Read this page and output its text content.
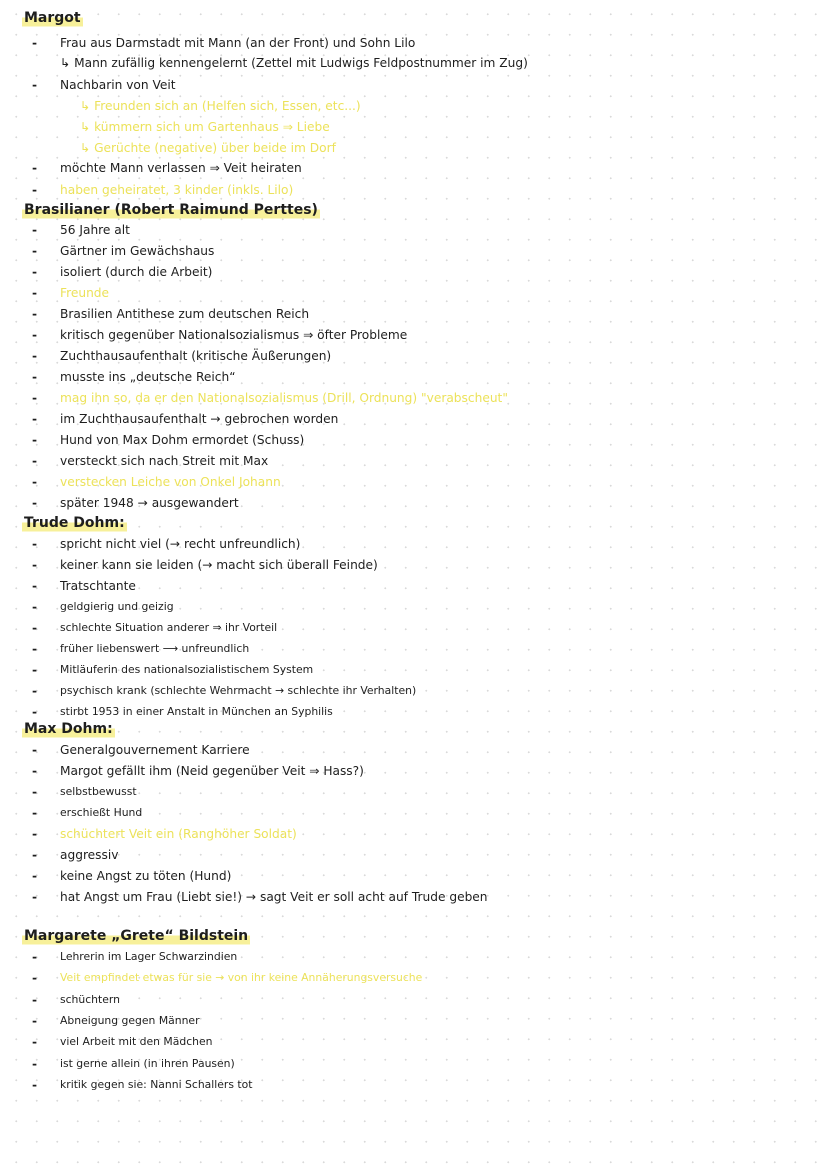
Margot
- Frau aus Darmstadt mit Mann (an der Front) und Sohn Lilo
↳ Mann zufällig kennengelernt (Zettel mit Ludwigs Feldpostnummer im Zug)
- Nachbarin von Veit
↳ Freunden sich an (Helfen sich, Essen, etc...)
↳ kümmern sich um Gartenhaus ⇒ Liebe
↳ Gerüchte (negative) über beide im Dorf
- möchte Mann verlassen ⇒ Veit heiraten
- haben geheiratet, 3 kinder (inkls. Lilo)
Brasilianer (Robert Raimund Perttes)
- 56 Jahre alt
- Gärtner im Gewächshaus
- isoliert (durch die Arbeit)
- Freunde
- Brasilien Antithese zum deutschen Reich
- kritisch gegenüber Nationalsozialismus ⇒ öfter Probleme
- Zuchthausaufenthalt (kritische Äußerungen)
- musste ins „deutsche Reich“
- mag ihn so, da er den Nationalsozialismus (Drill, Ordnung) "verabscheut"
- im Zuchthausaufenthalt → gebrochen worden
- Hund von Max Dohm ermordet (Schuss)
- versteckt sich nach Streit mit Max
- verstecken Leiche von Onkel Johann
- später 1948 → ausgewandert
Trude Dohm:
- spricht nicht viel (→ recht unfreundlich)
- keiner kann sie leiden (→ macht sich überall Feinde)
- Tratschtante
- geldgierig und geizig
- schlechte Situation anderer ⇒ ihr Vorteil
- früher liebenswert ⟶ unfreundlich
- Mitläuferin des nationalsozialistischem System
- psychisch krank (schlechte Wehrmacht → schlechte ihr Verhalten)
- stirbt 1953 in einer Anstalt in München an Syphilis
Max Dohm:
- Generalgouvernement Karriere
- Margot gefällt ihm (Neid gegenüber Veit ⇒ Hass?)
- selbstbewusst
- erschießt Hund
- schüchtert Veit ein (Ranghöher Soldat)
- aggressiv
- keine Angst zu töten (Hund)
- hat Angst um Frau (Liebt sie!) → sagt Veit er soll acht auf Trude geben
Margarete „Grete“ Bildstein
- Lehrerin im Lager Schwarzindien
- Veit empfindet etwas für sie → von ihr keine Annäherungsversuche
- schüchtern
- Abneigung gegen Männer
- viel Arbeit mit den Mädchen
- ist gerne allein (in ihren Pausen)
- kritik gegen sie: Nanni Schallers tot
